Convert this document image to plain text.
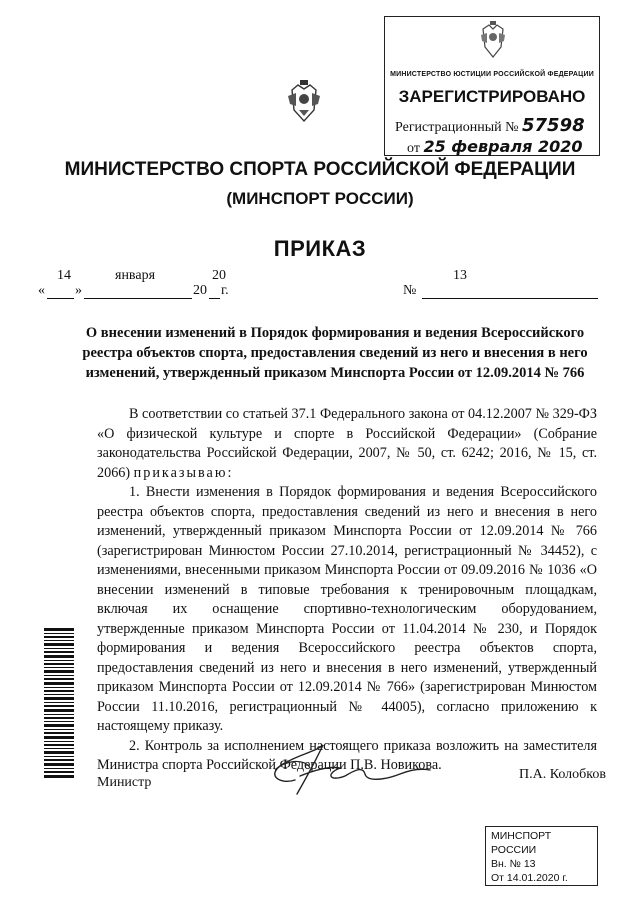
МИНИСТЕРСТВО ЮСТИЦИИ РОССИЙСКОЙ ФЕДЕРАЦИИ
ЗАРЕГИСТРИРОВАНО
Регистрационный № 57598
от 25 февраля 2020
МИНИСТЕРСТВО СПОРТА РОССИЙСКОЙ ФЕДЕРАЦИИ
(МИНСПОРТ РОССИИ)
ПРИКАЗ
«
14
»
января	20
20 г.	№
13
О внесении изменений в Порядок формирования и ведения Всероссийского реестра объектов спорта, предоставления сведений из него и внесения в него изменений, утвержденный приказом Минспорта России от 12.09.2014 № 766

В соответствии со статьей 37.1 Федерального закона от 04.12.2007 № 329-ФЗ «О физической культуре и спорте в Российской Федерации» (Собрание законодательства Российской Федерации, 2007, № 50, ст. 6242; 2016, № 15, ст. 2066) приказываю:

1. Внести изменения в Порядок формирования и ведения Всероссийского реестра объектов спорта, предоставления сведений из него и внесения в него изменений, утвержденный приказом Минспорта России от 12.09.2014 № 766 (зарегистрирован Минюстом России 27.10.2014, регистрационный № 34452), с изменениями, внесенными приказом Минспорта России от 09.09.2016 № 1036 «О внесении изменений в типовые требования к тренировочным площадкам, включая их оснащение спортивно-технологическим оборудованием, утвержденные приказом Минспорта России от 11.04.2014 № 230, и Порядок формирования и ведения Всероссийского реестра объектов спорта, предоставления сведений из него и внесения в него изменений, утвержденный приказом Минспорта России от 12.09.2014 № 766» (зарегистрирован Минюстом России 11.10.2016, регистрационный № 44005), согласно приложению к настоящему приказу.

2. Контроль за исполнением настоящего приказа возложить на заместителя Министра спорта Российской Федерации П.В. Новикова.

Министр
П.А. Колобков
МИНСПОРТ РОССИИ
Вн. № 13
От 14.01.2020 г.
